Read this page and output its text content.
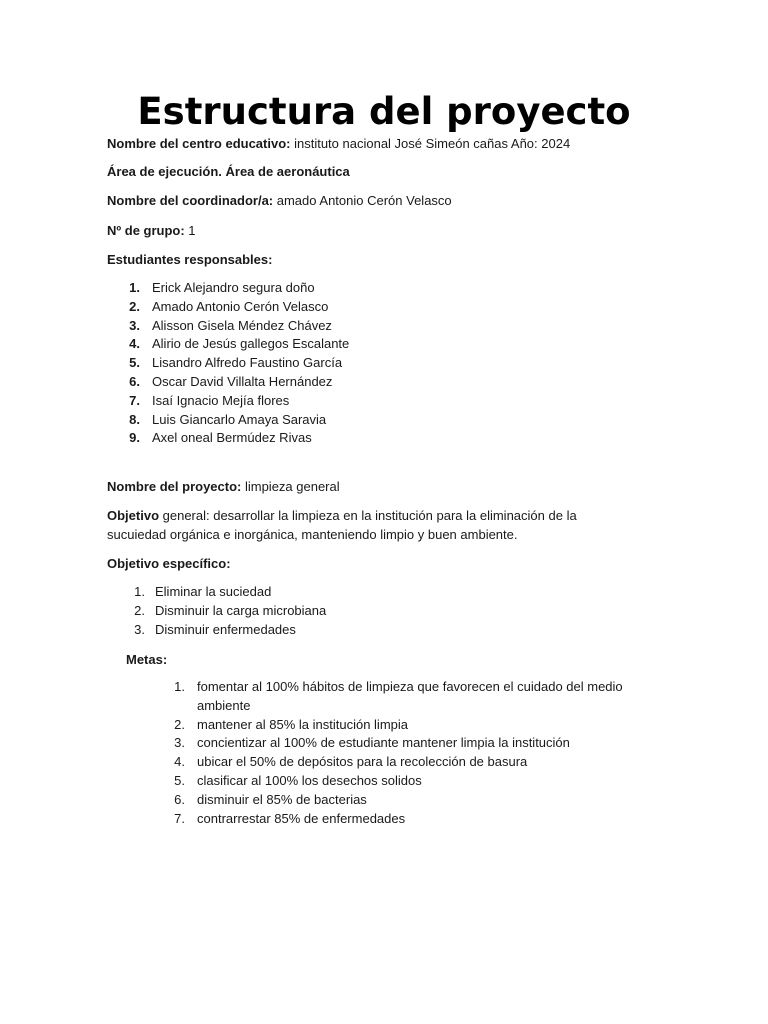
Estructura del proyecto
Nombre del centro educativo: instituto nacional José Simeón cañas Año: 2024
Área de ejecución. Área de aeronáutica
Nombre del coordinador/a: amado Antonio Cerón Velasco
Nº de grupo: 1
Estudiantes responsables:
1. Erick Alejandro segura doño
2. Amado Antonio Cerón Velasco
3. Alisson Gisela Méndez Chávez
4. Alirio de Jesús gallegos Escalante
5. Lisandro Alfredo Faustino García
6. Oscar David Villalta Hernández
7. Isaí Ignacio Mejía flores
8. Luis Giancarlo Amaya Saravia
9. Axel oneal Bermúdez Rivas
Nombre del proyecto: limpieza general
Objetivo general: desarrollar la limpieza en la institución para la eliminación de la sucuiedad orgánica e inorgánica, manteniendo limpio y buen ambiente.
Objetivo específico:
1. Eliminar la suciedad
2. Disminuir la carga microbiana
3. Disminuir enfermedades
Metas:
1. fomentar al 100% hábitos de limpieza que favorecen el cuidado del medio ambiente
2. mantener al 85% la institución limpia
3. concientizar al 100% de estudiante mantener limpia la institución
4. ubicar el 50% de depósitos para la recolección de basura
5. clasificar al 100% los desechos solidos
6. disminuir el 85% de bacterias
7. contrarrestar 85% de enfermedades
